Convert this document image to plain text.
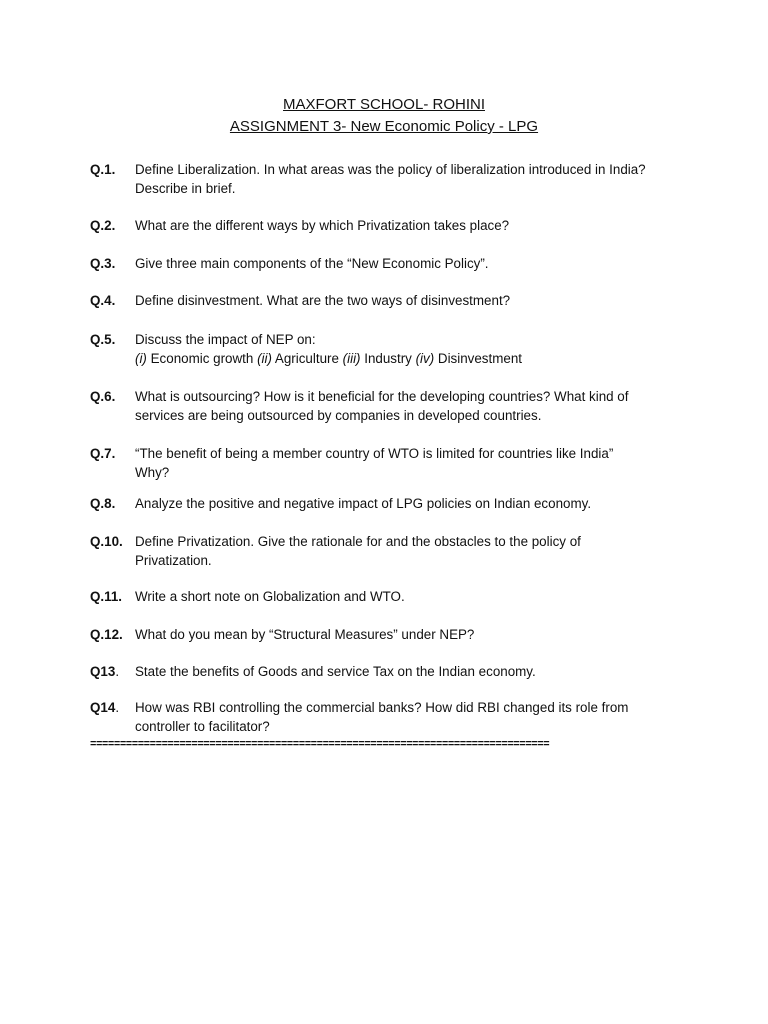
MAXFORT SCHOOL- ROHINI
ASSIGNMENT 3- New Economic Policy - LPG
Q.1.	Define Liberalization. In what areas was the policy of liberalization introduced in India?
Describe in brief.
Q.2.	What are the different ways by which Privatization takes place?
Q.3.	Give three main components of the “New Economic Policy”.
Q.4.	Define disinvestment. What are the two ways of disinvestment?
Q.5.	Discuss the impact of NEP on:
(i) Economic growth (ii) Agriculture (iii) Industry (iv) Disinvestment
Q.6.	What is outsourcing? How is it beneficial for the developing countries? What kind of
services are being outsourced by companies in developed countries.
Q.7.	“The benefit of being a member country of WTO is limited for countries like India”
Why?
Q.8.	Analyze the positive and negative impact of LPG policies on Indian economy.
Q.10. Define Privatization. Give the rationale for and the obstacles to the policy of
Privatization.
Q.11. Write a short note on Globalization and WTO.
Q.12. What do you mean by “Structural Measures” under NEP?
Q13.	State the benefits of Goods and service Tax on the Indian economy.
Q14.	How was RBI controlling the commercial banks? How did RBI changed its role from
controller to facilitator?
=============================================================================
